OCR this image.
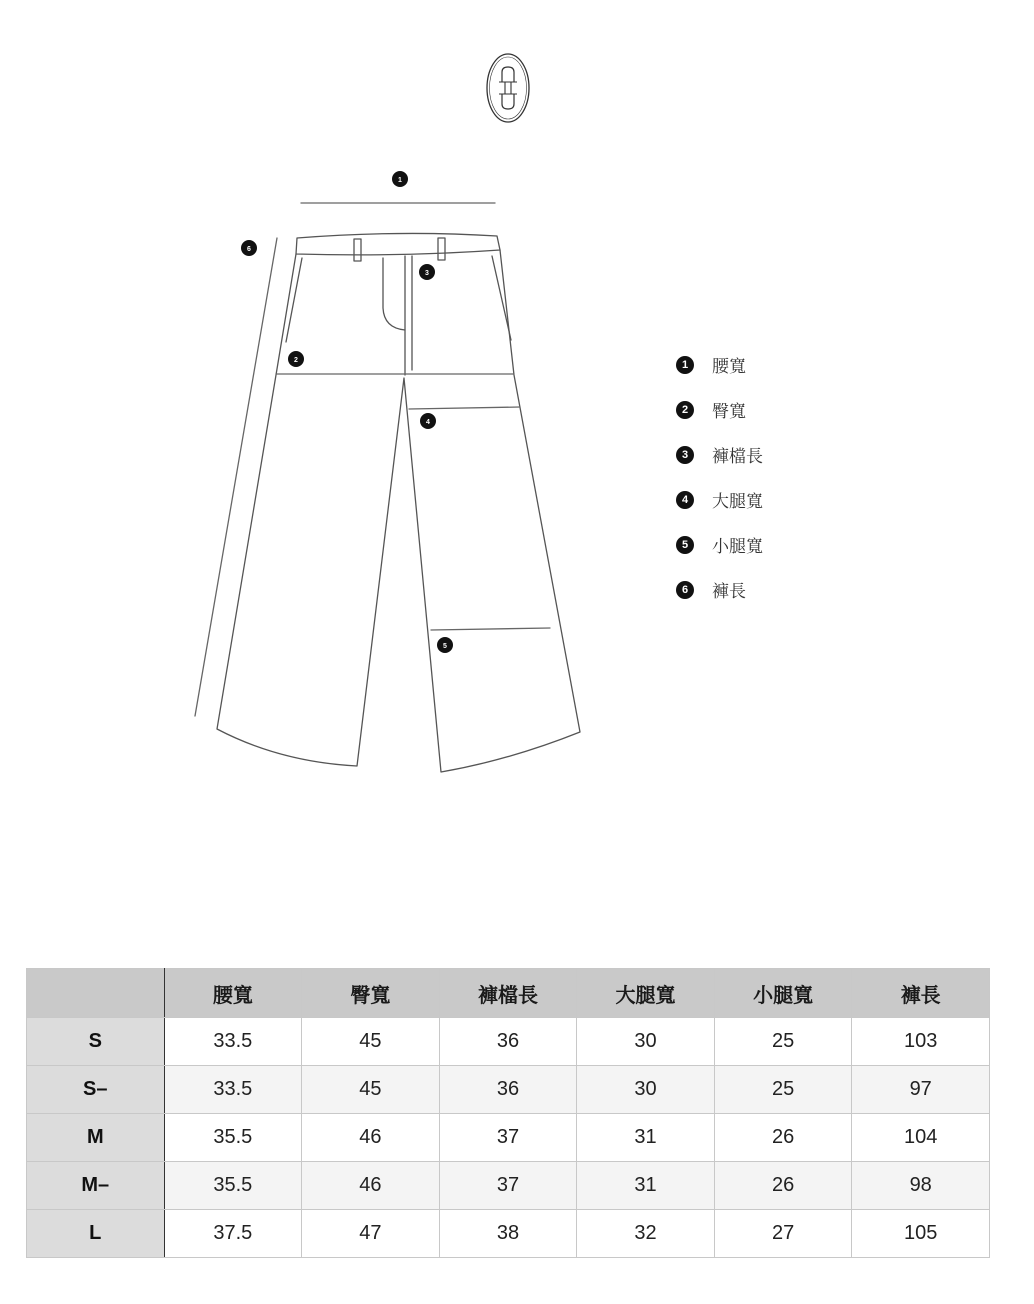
1
2
3
4
5
6
1	腰寬
2	臀寬
3	褲檔長
4	大腿寬
5	小腿寬
6	褲長
	腰寬	臀寬	褲檔長	大腿寬	小腿寬	褲長
S	33.5	45	36	30	25	103
S–	33.5	45	36	30	25	97
M	35.5	46	37	31	26	104
M–	35.5	46	37	31	26	98
L	37.5	47	38	32	27	105
